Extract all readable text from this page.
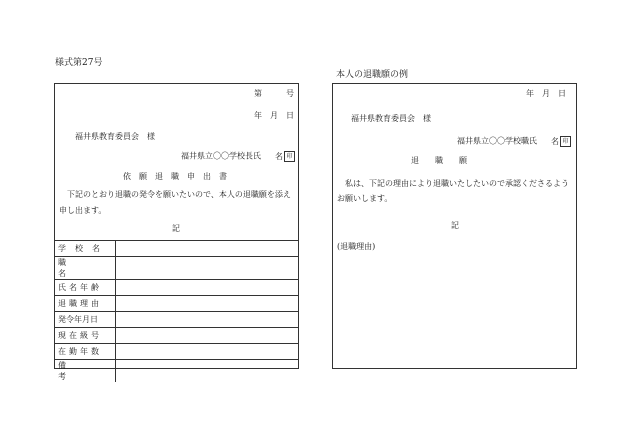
様式第27号
本人の退職願の例
第　　　号
年　月　日
福井県教育委員会　様
福井県立〇〇学校長氏 名 印
依　願　退　職　申　出　書
下記のとおり退職の発令を願いたいので、本人の退職願を添え
申し出ます。
記
学校名	
職名	
氏名年齢	
退職理由	
発令年月日	
現在級号	
在勤年数	
備考	
年　月　日
福井県教育委員会　様
福井県立〇〇学校職氏 名 印
退　　職　　願
私は、下記の理由により退職いたしたいので承認くださるよう
お願いします。
記
(退職理由)
